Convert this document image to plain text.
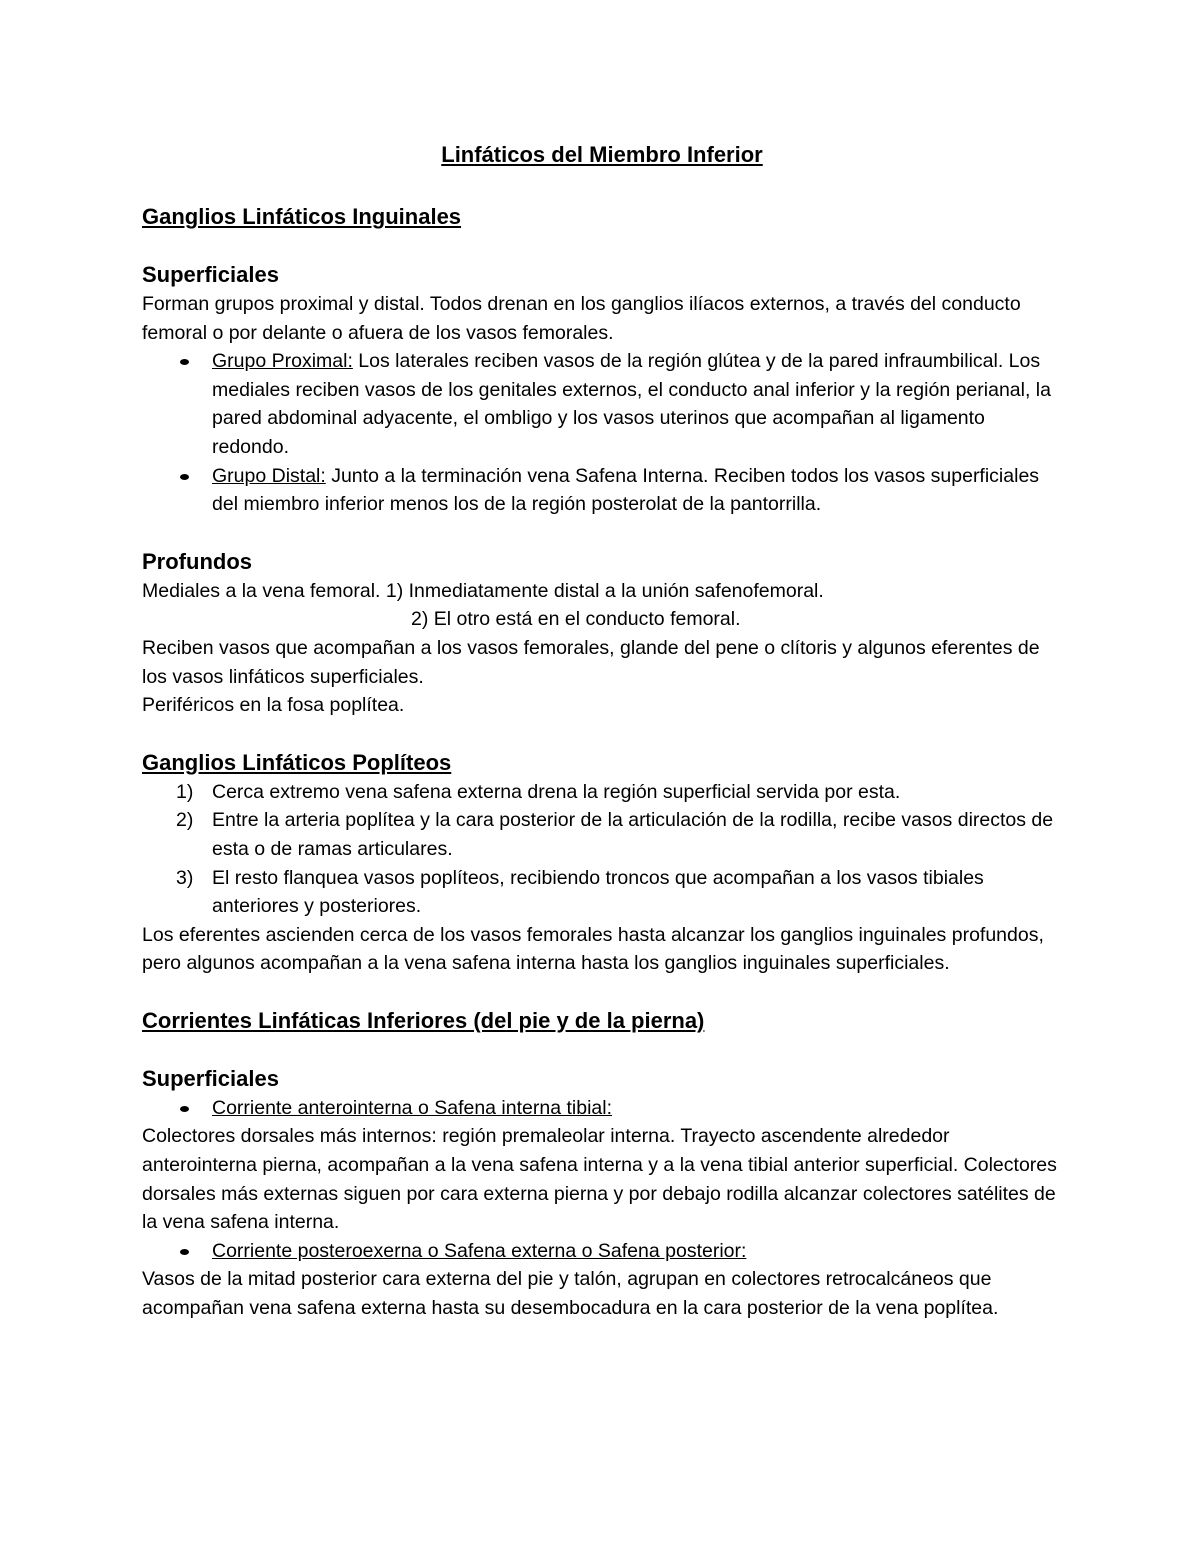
Linfáticos del Miembro Inferior
Ganglios Linfáticos Inguinales
Superficiales

Forman grupos proximal y distal. Todos drenan en los ganglios ilíacos externos, a través del conducto femoral o por delante o afuera de los vasos femorales.

Grupo Proximal: Los laterales reciben vasos de la región glútea y de la pared infraumbilical. Los mediales reciben vasos de los genitales externos, el conducto anal inferior y la región perianal, la pared abdominal adyacente, el ombligo y los vasos uterinos que acompañan al ligamento redondo.
Grupo Distal: Junto a la terminación vena Safena Interna. Reciben todos los vasos superficiales del miembro inferior menos los de la región posterolat de la pantorrilla.
Profundos

Mediales a la vena femoral. 1) Inmediatamente distal a la unión safenofemoral.

2) El otro está en el conducto femoral.

Reciben vasos que acompañan a los vasos femorales, glande del pene o clítoris y algunos eferentes de los vasos linfáticos superficiales.

Periféricos en la fosa poplítea.

Ganglios Linfáticos Poplíteos
1) Cerca extremo vena safena externa drena la región superficial servida por esta.
2) Entre la arteria poplítea y la cara posterior de la articulación de la rodilla, recibe vasos directos de esta o de ramas articulares.
3) El resto flanquea vasos poplíteos, recibiendo troncos que acompañan a los vasos tibiales anteriores y posteriores.

Los eferentes ascienden cerca de los vasos femorales hasta alcanzar los ganglios inguinales profundos, pero algunos acompañan a la vena safena interna hasta los ganglios inguinales superficiales.

Corrientes Linfáticas Inferiores (del pie y de la pierna)
Superficiales
Corriente anterointerna o Safena interna tibial:

Colectores dorsales más internos: región premaleolar interna. Trayecto ascendente alrededor anterointerna pierna, acompañan a la vena safena interna y a la vena tibial anterior superficial. Colectores dorsales más externas siguen por cara externa pierna y por debajo rodilla alcanzar colectores satélites de la vena safena interna.

Corriente posteroexerna o Safena externa o Safena posterior:

Vasos de la mitad posterior cara externa del pie y talón, agrupan en colectores retrocalcáneos que acompañan vena safena externa hasta su desembocadura en la cara posterior de la vena poplítea.
